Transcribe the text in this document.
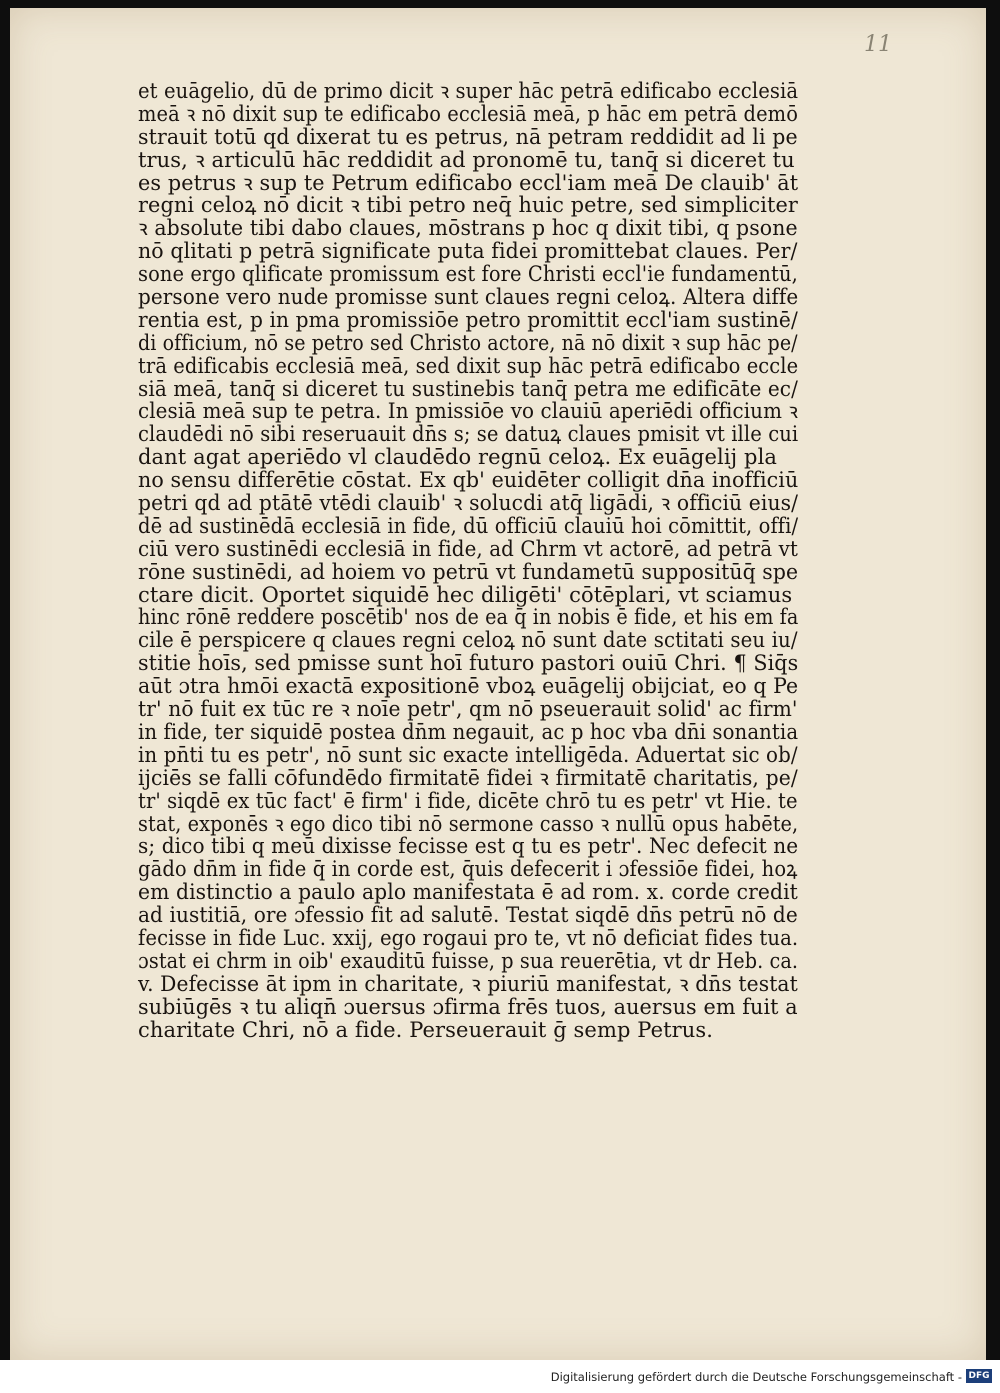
11
et euāgelio, dū de primo dicit ꝛ super hāc petrā edificabo ecclesiā
meā ꝛ nō dixit sup te edificabo ecclesiā meā, p hāc em petrā demō
strauit totū qd dixerat tu es petrus, nā petram reddidit ad li pe
trus, ꝛ articulū hāc reddidit ad pronomē tu, tanq̄ si diceret tu
es petrus ꝛ sup te Petrum edificabo eccl'iam meā De clauib' āt
regni celoꝝ nō dicit ꝛ tibi petro neq̄ huic petre, sed simpliciter
ꝛ absolute tibi dabo claues, mōstrans p hoc q dixit tibi, q psone
nō qlitati p petrā significate puta fidei promittebat claues. Per/
sone ergo qlificate promissum est fore Christi eccl'ie fundamentū,
persone vero nude promisse sunt claues regni celoꝝ. Altera diffe
rentia est, p in pma promissiōe petro promittit eccl'iam sustinē/
di officium, nō se petro sed Christo actore, nā nō dixit ꝛ sup hāc pe/
trā edificabis ecclesiā meā, sed dixit sup hāc petrā edificabo eccle
siā meā, tanq̄ si diceret tu sustinebis tanq̄ petra me edificāte ec/
clesiā meā sup te petra. In pmissiōe vo clauiū aperiēdi officium ꝛ
claudēdi nō sibi reseruauit dn̄s s; se datuꝝ claues pmisit vt ille cui
dant agat aperiēdo vl claudēdo regnū celoꝝ. Ex euāgelij pla
no sensu differētie cōstat. Ex qb' euidēter colligit dn̄a inofficiū
petri qd ad ptātē vtēdi clauib' ꝛ solucdi atq̄ ligādi, ꝛ officiū eius/
dē ad sustinēdā ecclesiā in fide, dū officiū clauiū hoi cōmittit, offi/
ciū vero sustinēdi ecclesiā in fide, ad Chrm vt actorē, ad petrā vt
rōne sustinēdi, ad hoiem vo petrū vt fundametū suppositūq̄ spe
ctare dicit. Oportet siquidē hec diligēti' cōtēplari, vt sciamus
hinc rōnē reddere poscētib' nos de ea q̄ in nobis ē fide, et his em fa
cile ē perspicere q claues regni celoꝝ nō sunt date sctitati seu iu/
stitie hoīs, sed pmisse sunt hoī futuro pastori ouiū Chri. ¶ Siq̄s
aūt ɔtra hmōi exactā expositionē vboꝝ euāgelij obijciat, eo q Pe
tr' nō fuit ex tūc re ꝛ noīe petr', qm nō pseuerauit solid' ac firm'
in fide, ter siquidē postea dn̄m negauit, ac p hoc vba dn̄i sonantia
in pn̄ti tu es petr', nō sunt sic exacte intelligēda. Aduertat sic ob/
ijciēs se falli cōfundēdo firmitatē fidei ꝛ firmitatē charitatis, pe/
tr' siqdē ex tūc fact' ē firm' i fide, dicēte chrō tu es petr' vt Hie. te
stat, exponēs ꝛ ego dico tibi nō sermone casso ꝛ nullū opus habēte,
s; dico tibi q meū dixisse fecisse est q tu es petr'. Nec defecit ne
gādo dn̄m in fide q̄ in corde est, q̄uis defecerit i ɔfessiōe fidei, hoꝝ
em distinctio a paulo aplo manifestata ē ad rom. x. corde credit
ad iustitiā, ore ɔfessio fit ad salutē. Testat siqdē dn̄s petrū nō de
fecisse in fide Luc. xxij, ego rogaui pro te, vt nō deficiat fides tua.
ɔstat ei chrm in oib' exauditū fuisse, p sua reuerētia, vt dr Heb. ca.
v. Defecisse āt ipm in charitate, ꝛ piuriū manifestat, ꝛ dn̄s testat
subiūgēs ꝛ tu aliqn̄ ɔuersus ɔfirma frēs tuos, auersus em fuit a
charitate Chri, nō a fide. Perseuerauit ḡ semp Petrus.
Digitalisierung gefördert durch die Deutsche Forschungsgemeinschaft - DFG
